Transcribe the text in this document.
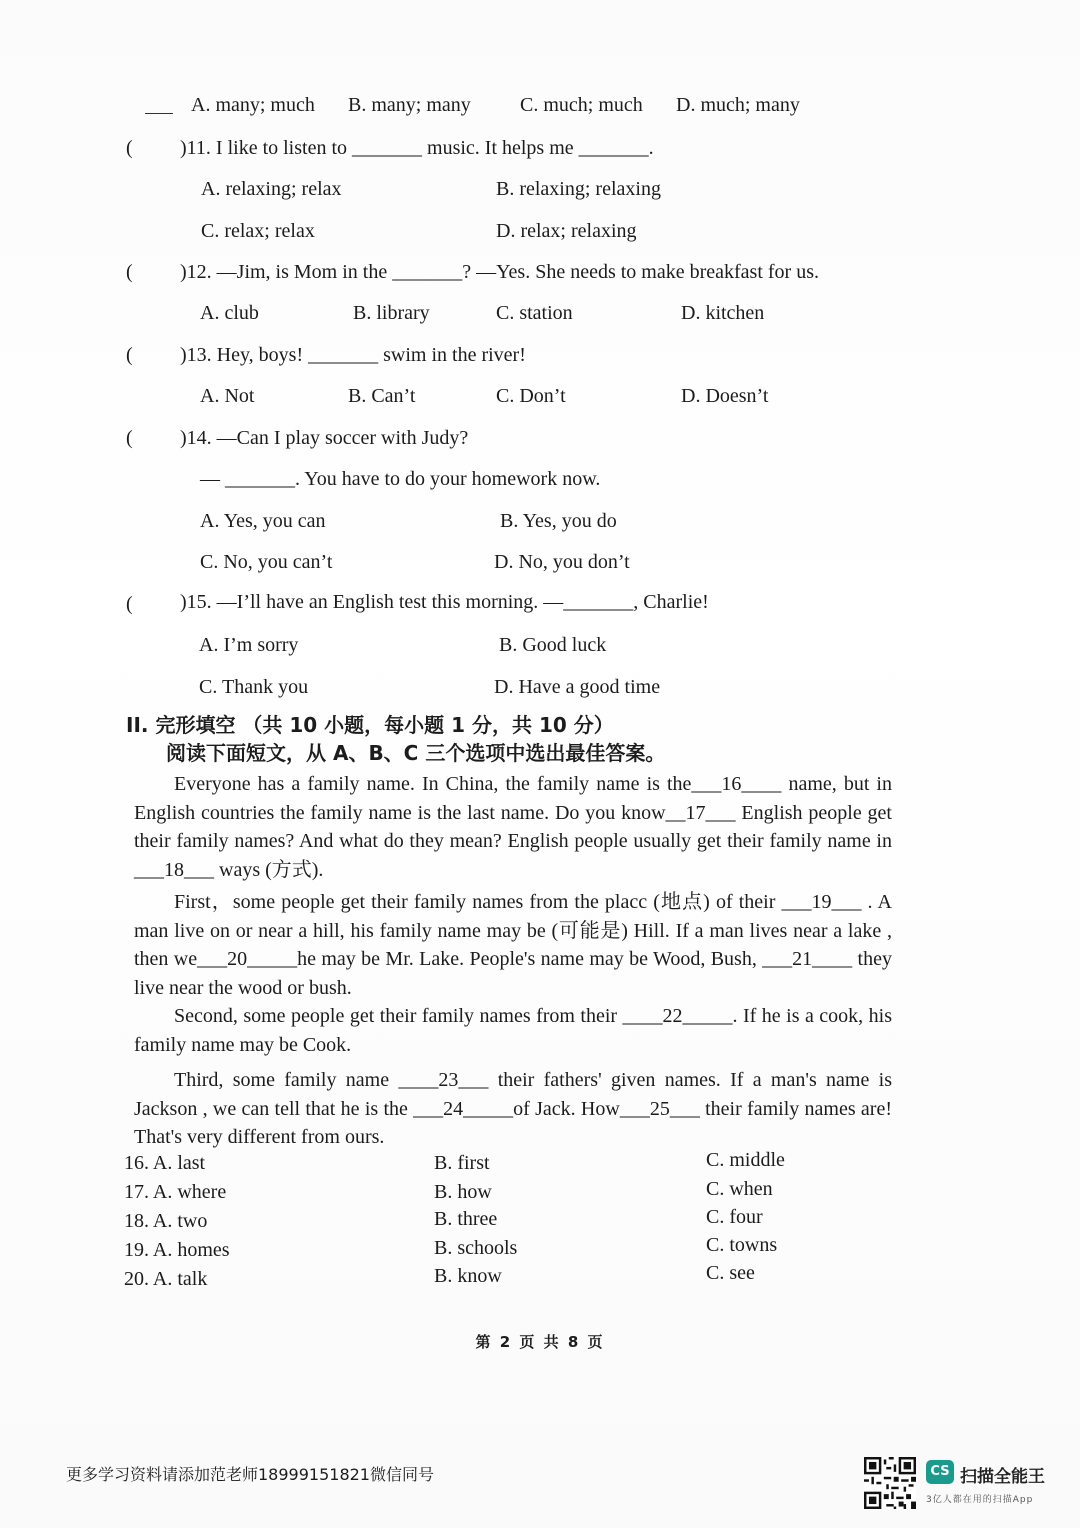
A. many; much B. many; many C. much; much D. much; many
( )11. I like to listen to _______ music. It helps me _______.
A. relaxing; relax	B. relaxing; relaxing
C. relax; relax	D. relax; relaxing
( )12. —Jim, is Mom in the _______? —Yes. She needs to make breakfast for us.
A. club	B. library	C. station	D. kitchen
( )13. Hey, boys! _______ swim in the river!
A. Not	B. Can’t	C. Don’t	D. Doesn’t
( )14. —Can I play soccer with Judy?
— _______. You have to do your homework now.
A. Yes, you can	B. Yes, you do
C. No, you can’t	D. No, you don’t
( )15. —I’ll have an English test this morning. —_______, Charlie!
A. I’m sorry	B. Good luck
C. Thank you	D. Have a good time
II. 完形填空 （共 10 小题，每小题 1 分，共 10 分）
阅读下面短文，从 A、B、C 三个选项中选出最佳答案。
Everyone has a family name. In China, the family name is the___16____ name, but in English countries the family name is the last name. Do you know__17___ English people get their family names? And what do they mean? English people usually get their family name in ___18___ ways (方式).
First，some people get their family names from the placc (地点) of their ___19___ . A man live on or near a hill, his family name may be (可能是) Hill. If a man lives near a lake , then we___20_____he may be Mr. Lake. People's name may be Wood, Bush, ___21____ they live near the wood or bush.
Second, some people get their family names from their ____22_____. If he is a cook, his family name may be Cook.
Third, some family name ____23___ their fathers' given names. If a man's name is Jackson , we can tell that he is the ___24_____of Jack. How___25___ their family names are! That's very different from ours.
16. A. last	B. first	C. middle
17. A. where	B. how	C. when
18. A. two	B. three	C. four
19. A. homes	B. schools	C. towns
20. A. talk	B. know	C. see
第 2 页 共 8 页
更多学习资料请添加范老师18999151821微信同号	CS 扫描全能王
3亿人都在用的扫描App
